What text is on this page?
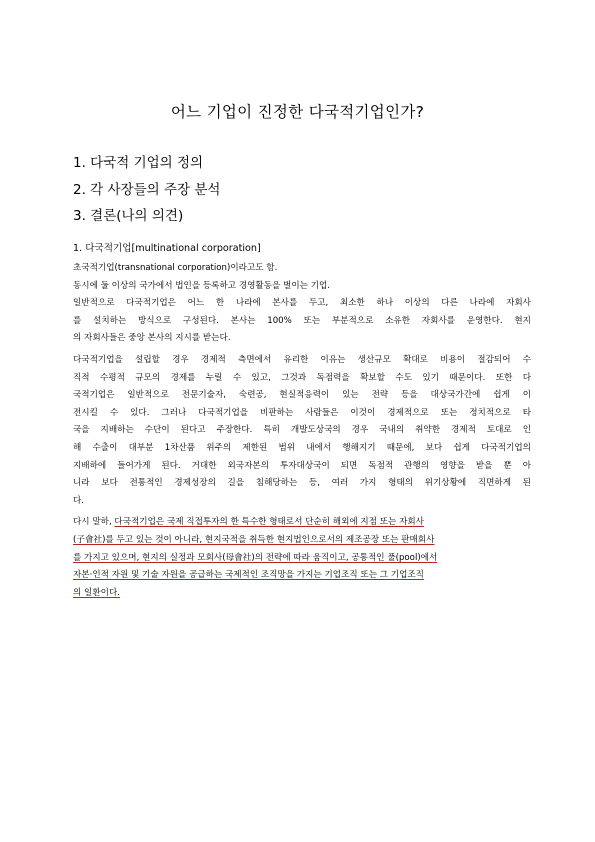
어느 기업이 진정한 다국적기업인가?
1. 다국적 기업의 정의
2. 각 사장들의 주장 분석
3. 결론(나의 의견)
1. 다국적기업[multinational corporation]
초국적기업(transnational corporation)이라고도 함.
동시에 둘 이상의 국가에서 법인을 등록하고 경영활동을 벌이는 기업.
일반적으로 다국적기업은 어느 한 나라에 본사를 두고, 최소한 하나 이상의 다른 나라에 자회사
를 설치하는 방식으로 구성된다. 본사는 100% 또는 부분적으로 소유한 자회사를 운영한다. 현지
의 자회사들은 중앙 본사의 지시를 받는다.
다국적기업을 설립할 경우 경제적 측면에서 유리한 이유는 생산규모 확대로 비용이 절감되어 수
직적 수평적 규모의 경제를 누릴 수 있고, 그것과 독점력을 확보할 수도 있기 때문이다. 또한 다
국적기업은 일반적으로 전문기술자, 숙련공, 현실적응력이 있는 전략 등을 대상국가간에 쉽게 이
전시킬 수 있다. 그러나 다국적기업을 비판하는 사람들은 이것이 경제적으로 또는 정치적으로 타
국을 지배하는 수단이 된다고 주장한다. 특히 개발도상국의 경우 국내의 취약한 경제적 토대로 인
해 수출이 대부분 1차산품 위주의 제한된 범위 내에서 행해지기 때문에, 보다 쉽게 다국적기업의
지배하에 들어가게 된다. 거대한 외국자본의 투자대상국이 되면 독점적 관행의 영향을 받을 뿐 아
니라 보다 전통적인 경제성장의 길을 침해당하는 등, 여러 가지 형태의 위기상황에 직면하게 된
다.
다시 말하, 다국적기업은 국제 직접투자의 한 특수한 형태로서 단순히 해외에 지점 또는 자회사
(子會社)를 두고 있는 것이 아니라, 현지국적을 취득한 현지법인으로서의 제조공장 또는 판매회사
를 가지고 있으며, 현지의 실정과 모회사(母會社)의 전략에 따라 움직이고, 공통적인 풀(pool)에서
자본·인적 자원 및 기술 자원을 공급하는 국제적인 조직망을 가지는 기업조직 또는 그 기업조직
의 일환이다.
